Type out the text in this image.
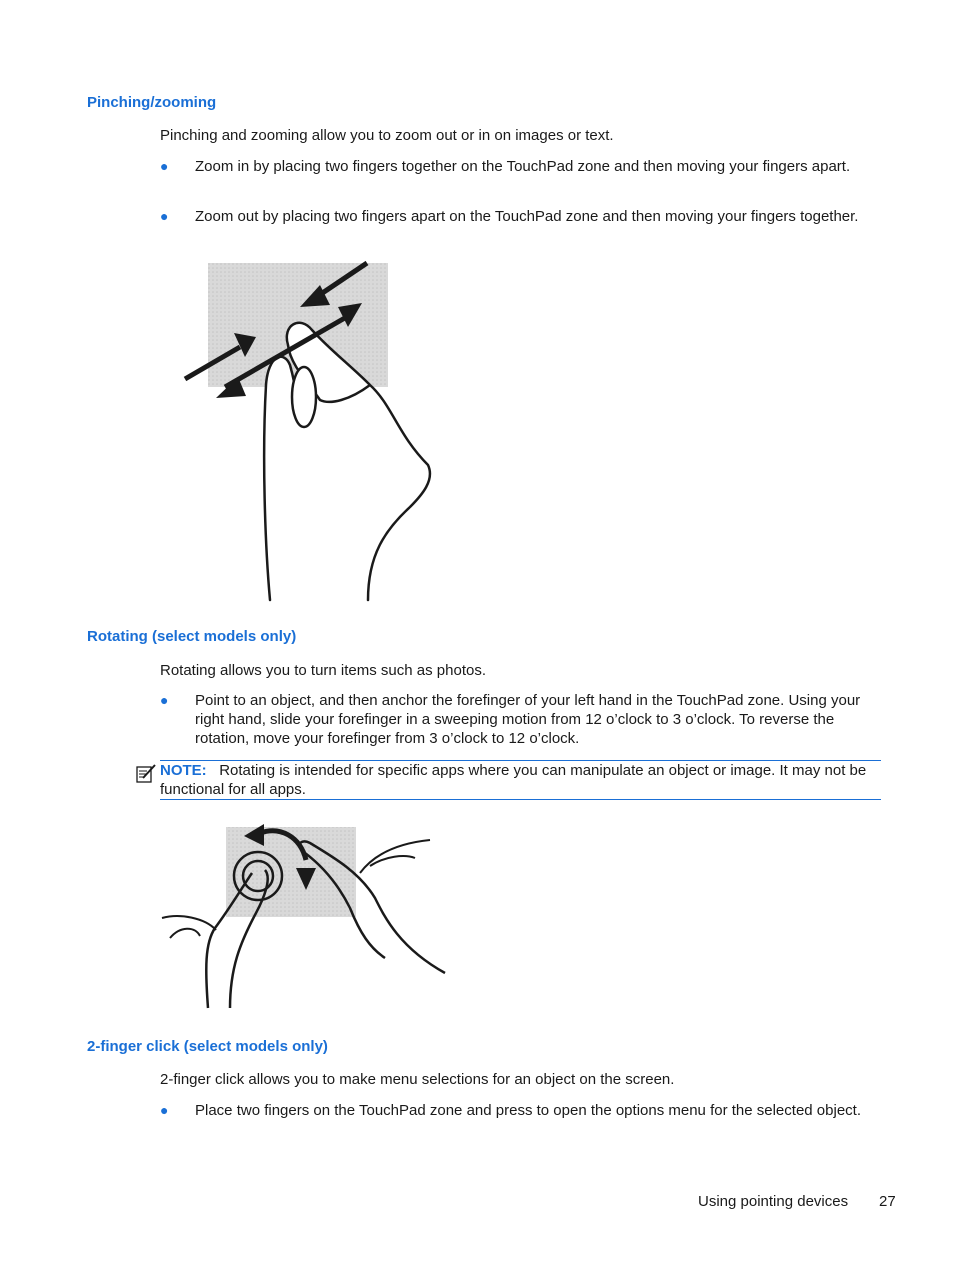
Pinching/zooming
Pinching and zooming allow you to zoom out or in on images or text.
● Zoom in by placing two fingers together on the TouchPad zone and then moving your fingers apart.
● Zoom out by placing two fingers apart on the TouchPad zone and then moving your fingers together.
Rotating (select models only)
Rotating allows you to turn items such as photos.
● Point to an object, and then anchor the forefinger of your left hand in the TouchPad zone. Using your right hand, slide your forefinger in a sweeping motion from 12 o’clock to 3 o’clock. To reverse the rotation, move your forefinger from 3 o’clock to 12 o’clock.
NOTE: Rotating is intended for specific apps where you can manipulate an object or image. It may not be functional for all apps.
2-finger click (select models only)
2-finger click allows you to make menu selections for an object on the screen.
● Place two fingers on the TouchPad zone and press to open the options menu for the selected object.
Using pointing devices 27
